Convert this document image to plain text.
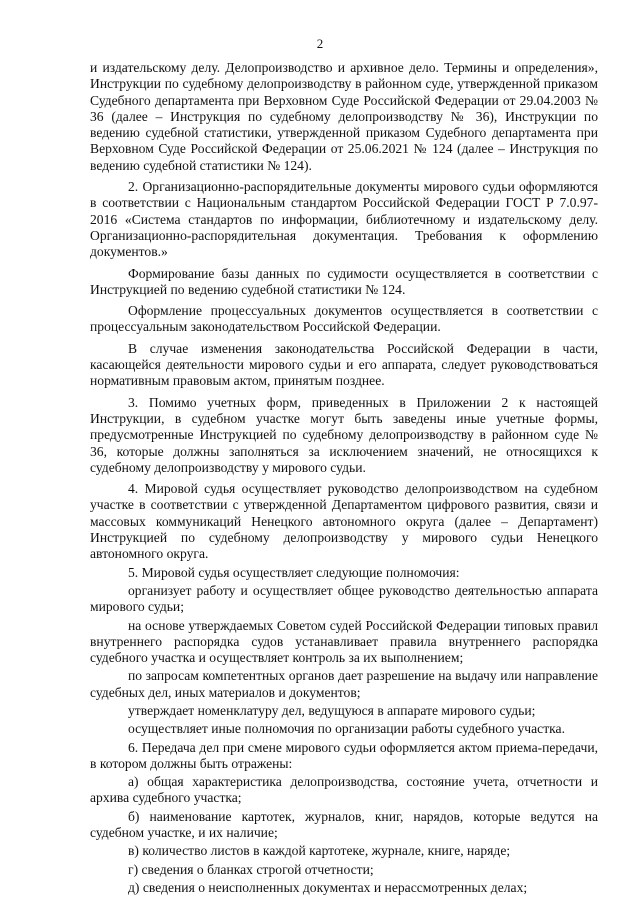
2

и издательскому делу. Делопроизводство и архивное дело. Термины и определения», Инструкции по судебному делопроизводству в районном суде, утвержденной приказом Судебного департамента при Верховном Суде Российской Федерации от 29.04.2003 № 36 (далее – Инструкция по судебному делопроизводству № 36), Инструкции по ведению судебной статистики, утвержденной приказом Судебного департамента при Верховном Суде Российской Федерации от 25.06.2021 № 124 (далее – Инструкция по ведению судебной статистики № 124).

2. Организационно-распорядительные документы мирового судьи оформляются в соответствии с Национальным стандартом Российской Федерации ГОСТ Р 7.0.97-2016 «Система стандартов по информации, библиотечному и издательскому делу. Организационно-распорядительная документация. Требования к оформлению документов.»

Формирование базы данных по судимости осуществляется в соответствии с Инструкцией по ведению судебной статистики № 124.

Оформление процессуальных документов осуществляется в соответствии с процессуальным законодательством Российской Федерации.

В случае изменения законодательства Российской Федерации в части, касающейся деятельности мирового судьи и его аппарата, следует руководствоваться нормативным правовым актом, принятым позднее.

3. Помимо учетных форм, приведенных в Приложении 2 к настоящей Инструкции, в судебном участке могут быть заведены иные учетные формы, предусмотренные Инструкцией по судебному делопроизводству в районном суде № 36, которые должны заполняться за исключением значений, не относящихся к судебному делопроизводству у мирового судьи.

4. Мировой судья осуществляет руководство делопроизводством на судебном участке в соответствии с утвержденной Департаментом цифрового развития, связи и массовых коммуникаций Ненецкого автономного округа (далее – Департамент) Инструкцией по судебному делопроизводству у мирового судьи Ненецкого автономного округа.

5. Мировой судья осуществляет следующие полномочия:

организует работу и осуществляет общее руководство деятельностью аппарата мирового судьи;

на основе утверждаемых Советом судей Российской Федерации типовых правил внутреннего распорядка судов устанавливает правила внутреннего распорядка судебного участка и осуществляет контроль за их выполнением;

по запросам компетентных органов дает разрешение на выдачу или направление судебных дел, иных материалов и документов;

утверждает номенклатуру дел, ведущуюся в аппарате мирового судьи;

осуществляет иные полномочия по организации работы судебного участка.

6. Передача дел при смене мирового судьи оформляется актом приема-передачи, в котором должны быть отражены:

а) общая характеристика делопроизводства, состояние учета, отчетности и архива судебного участка;

б) наименование картотек, журналов, книг, нарядов, которые ведутся на судебном участке, и их наличие;

в) количество листов в каждой картотеке, журнале, книге, наряде;

г) сведения о бланках строгой отчетности;

д) сведения о неисполненных документах и нерассмотренных делах;
